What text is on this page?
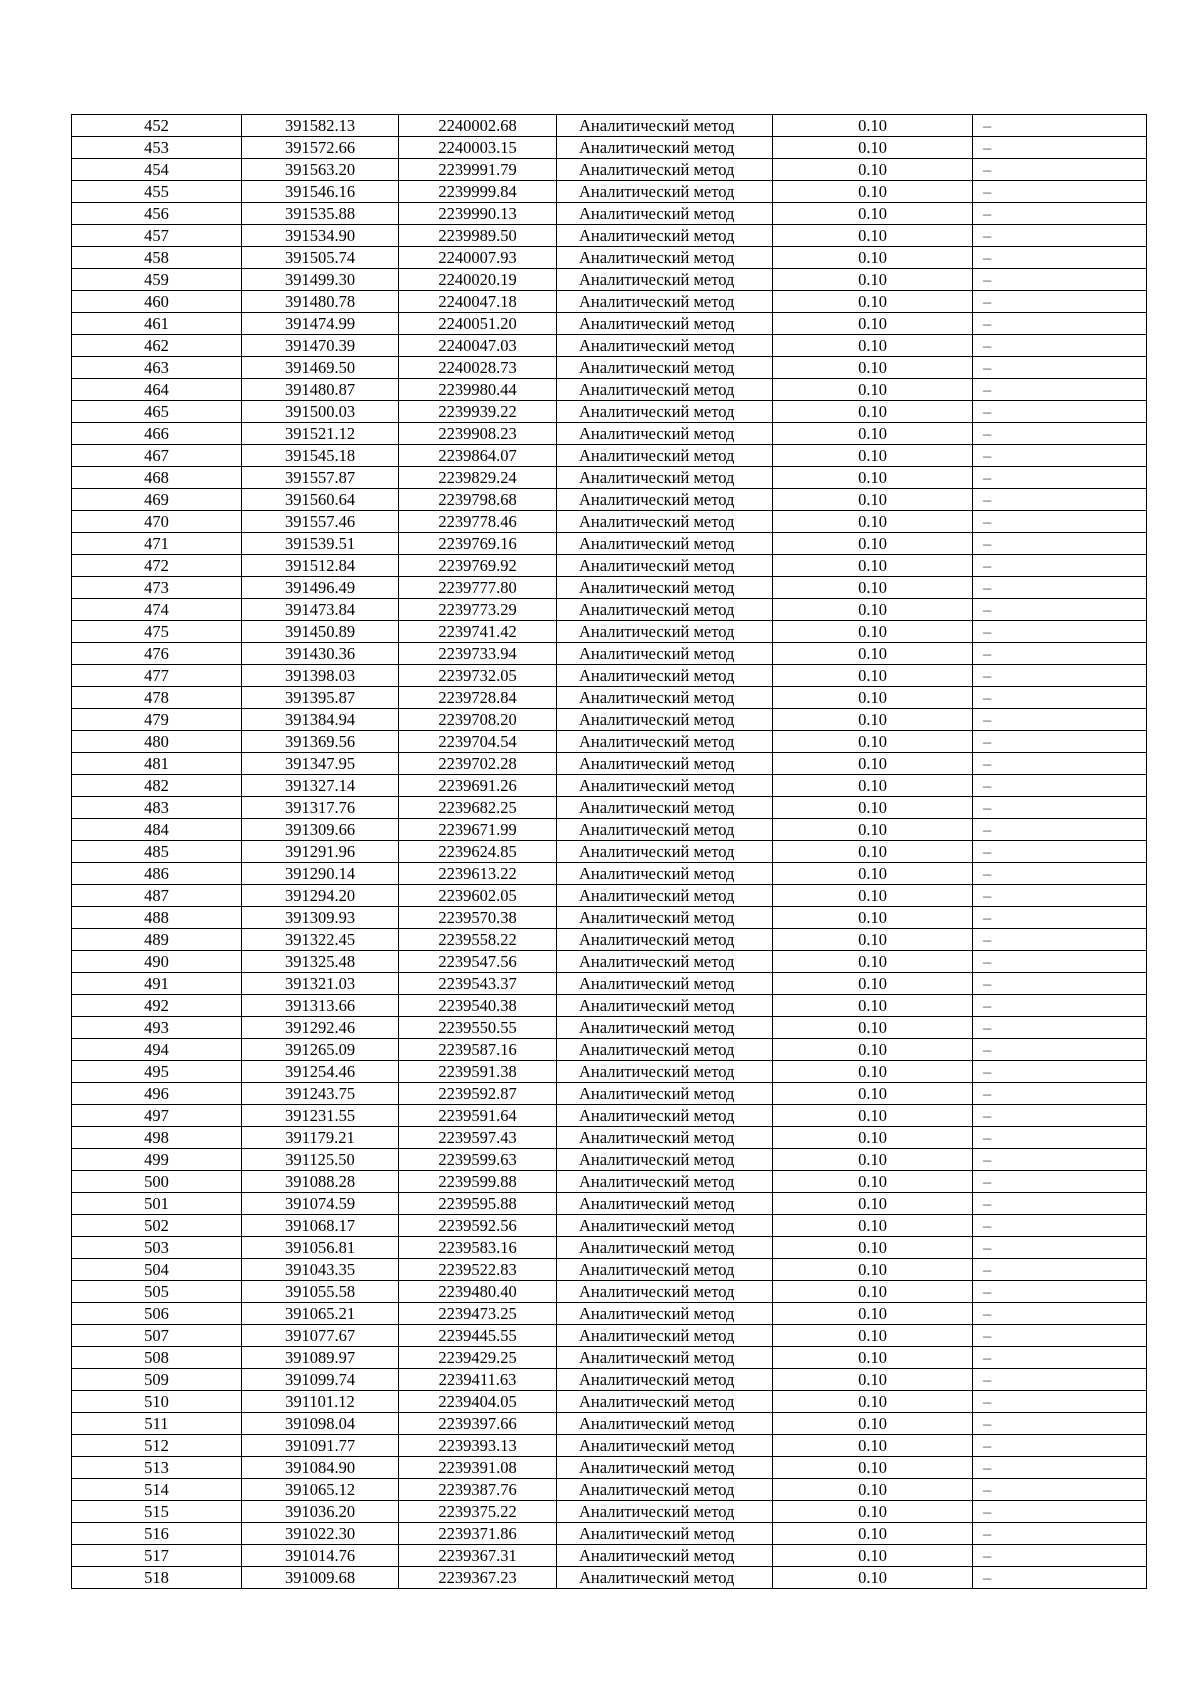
452	391582.13	2240002.68	Аналитический метод	0.10	–
453	391572.66	2240003.15	Аналитический метод	0.10	–
454	391563.20	2239991.79	Аналитический метод	0.10	–
455	391546.16	2239999.84	Аналитический метод	0.10	–
456	391535.88	2239990.13	Аналитический метод	0.10	–
457	391534.90	2239989.50	Аналитический метод	0.10	–
458	391505.74	2240007.93	Аналитический метод	0.10	–
459	391499.30	2240020.19	Аналитический метод	0.10	–
460	391480.78	2240047.18	Аналитический метод	0.10	–
461	391474.99	2240051.20	Аналитический метод	0.10	–
462	391470.39	2240047.03	Аналитический метод	0.10	–
463	391469.50	2240028.73	Аналитический метод	0.10	–
464	391480.87	2239980.44	Аналитический метод	0.10	–
465	391500.03	2239939.22	Аналитический метод	0.10	–
466	391521.12	2239908.23	Аналитический метод	0.10	–
467	391545.18	2239864.07	Аналитический метод	0.10	–
468	391557.87	2239829.24	Аналитический метод	0.10	–
469	391560.64	2239798.68	Аналитический метод	0.10	–
470	391557.46	2239778.46	Аналитический метод	0.10	–
471	391539.51	2239769.16	Аналитический метод	0.10	–
472	391512.84	2239769.92	Аналитический метод	0.10	–
473	391496.49	2239777.80	Аналитический метод	0.10	–
474	391473.84	2239773.29	Аналитический метод	0.10	–
475	391450.89	2239741.42	Аналитический метод	0.10	–
476	391430.36	2239733.94	Аналитический метод	0.10	–
477	391398.03	2239732.05	Аналитический метод	0.10	–
478	391395.87	2239728.84	Аналитический метод	0.10	–
479	391384.94	2239708.20	Аналитический метод	0.10	–
480	391369.56	2239704.54	Аналитический метод	0.10	–
481	391347.95	2239702.28	Аналитический метод	0.10	–
482	391327.14	2239691.26	Аналитический метод	0.10	–
483	391317.76	2239682.25	Аналитический метод	0.10	–
484	391309.66	2239671.99	Аналитический метод	0.10	–
485	391291.96	2239624.85	Аналитический метод	0.10	–
486	391290.14	2239613.22	Аналитический метод	0.10	–
487	391294.20	2239602.05	Аналитический метод	0.10	–
488	391309.93	2239570.38	Аналитический метод	0.10	–
489	391322.45	2239558.22	Аналитический метод	0.10	–
490	391325.48	2239547.56	Аналитический метод	0.10	–
491	391321.03	2239543.37	Аналитический метод	0.10	–
492	391313.66	2239540.38	Аналитический метод	0.10	–
493	391292.46	2239550.55	Аналитический метод	0.10	–
494	391265.09	2239587.16	Аналитический метод	0.10	–
495	391254.46	2239591.38	Аналитический метод	0.10	–
496	391243.75	2239592.87	Аналитический метод	0.10	–
497	391231.55	2239591.64	Аналитический метод	0.10	–
498	391179.21	2239597.43	Аналитический метод	0.10	–
499	391125.50	2239599.63	Аналитический метод	0.10	–
500	391088.28	2239599.88	Аналитический метод	0.10	–
501	391074.59	2239595.88	Аналитический метод	0.10	–
502	391068.17	2239592.56	Аналитический метод	0.10	–
503	391056.81	2239583.16	Аналитический метод	0.10	–
504	391043.35	2239522.83	Аналитический метод	0.10	–
505	391055.58	2239480.40	Аналитический метод	0.10	–
506	391065.21	2239473.25	Аналитический метод	0.10	–
507	391077.67	2239445.55	Аналитический метод	0.10	–
508	391089.97	2239429.25	Аналитический метод	0.10	–
509	391099.74	2239411.63	Аналитический метод	0.10	–
510	391101.12	2239404.05	Аналитический метод	0.10	–
511	391098.04	2239397.66	Аналитический метод	0.10	–
512	391091.77	2239393.13	Аналитический метод	0.10	–
513	391084.90	2239391.08	Аналитический метод	0.10	–
514	391065.12	2239387.76	Аналитический метод	0.10	–
515	391036.20	2239375.22	Аналитический метод	0.10	–
516	391022.30	2239371.86	Аналитический метод	0.10	–
517	391014.76	2239367.31	Аналитический метод	0.10	–
518	391009.68	2239367.23	Аналитический метод	0.10	–
